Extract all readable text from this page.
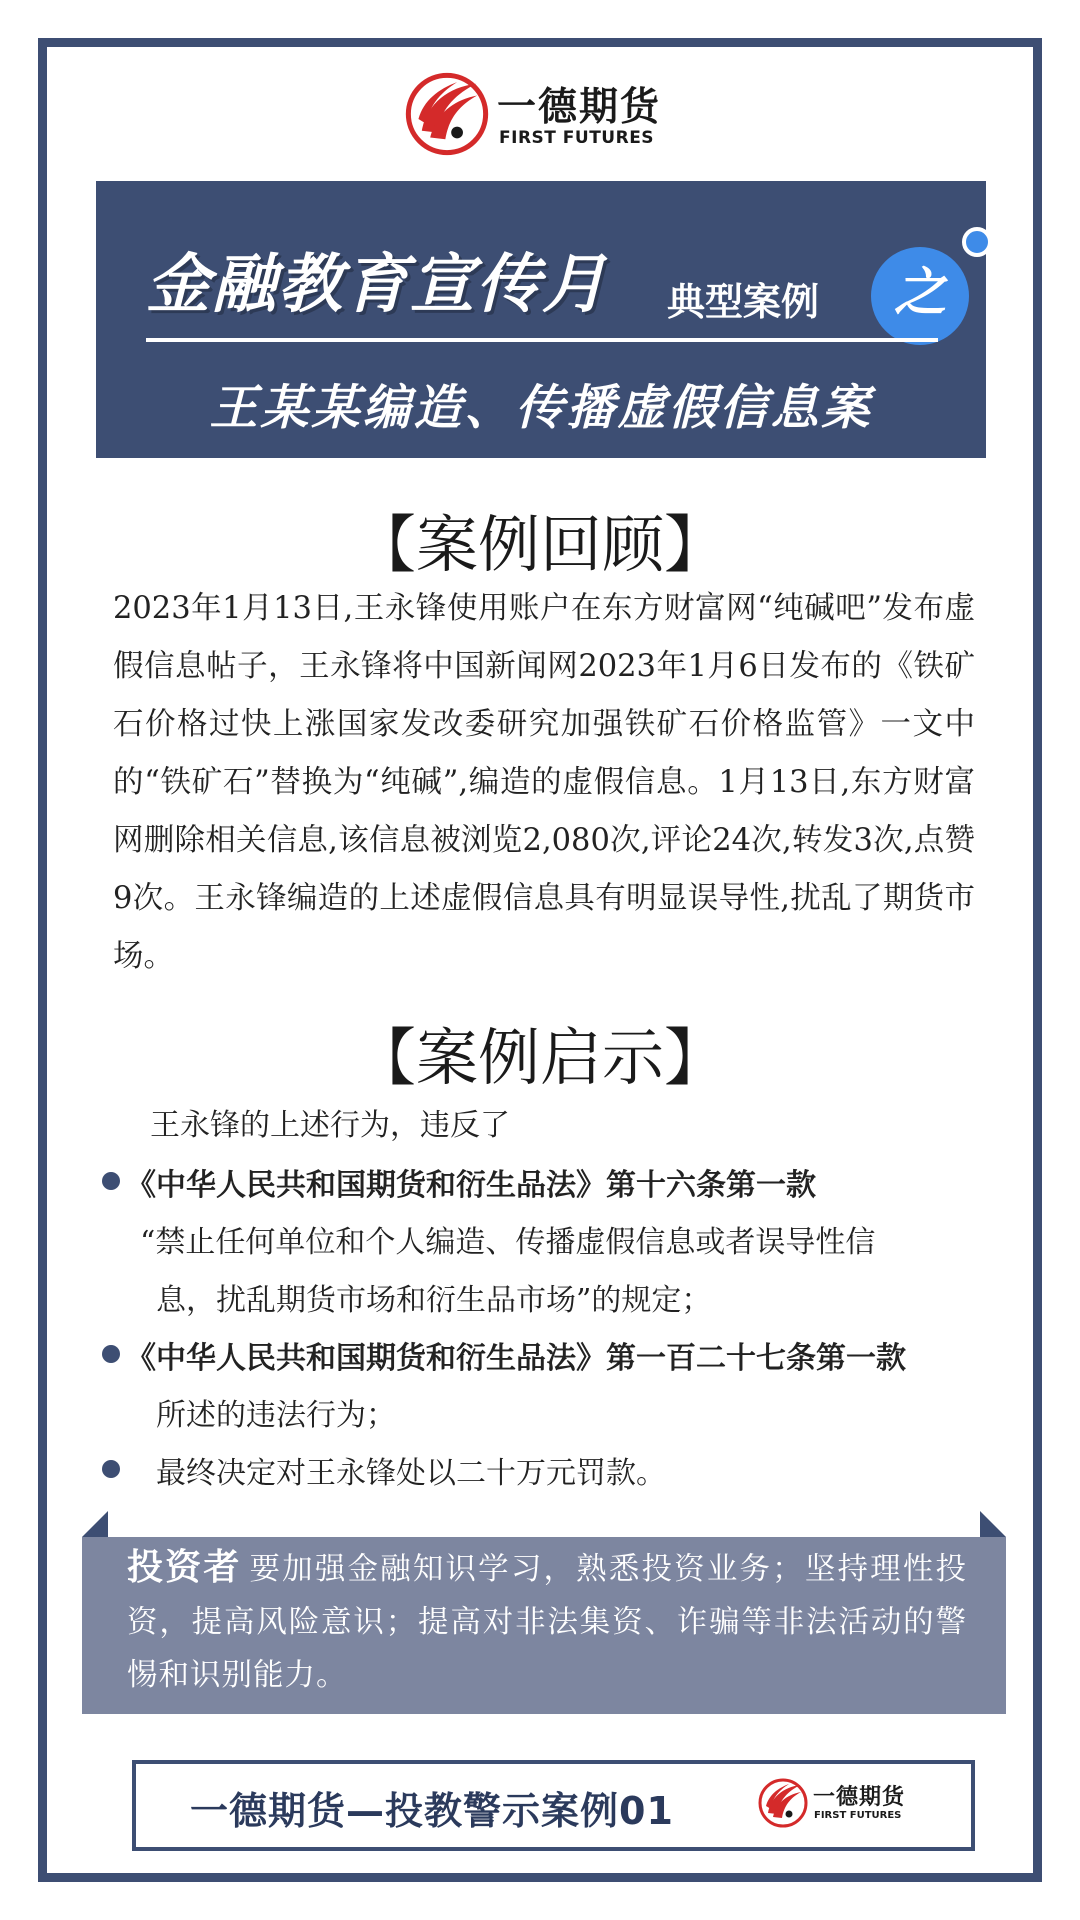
一德期货
FIRST FUTURES
金融教育宣传月 典型案例	之
王某某编造、传播虚假信息案
【案例回顾】

2023年1月13日,王永锋使用账户在东方财富网“纯碱吧”发布虚假信息帖子，王永锋将中国新闻网2023年1月6日发布的《铁矿石价格过快上涨国家发改委研究加强铁矿石价格监管》一文中的“铁矿石”替换为“纯碱”,编造的虚假信息。1月13日,东方财富网删除相关信息,该信息被浏览2,080次,评论24次,转发3次,点赞9次。王永锋编造的上述虚假信息具有明显误导性,扰乱了期货市场。

【案例启示】
王永锋的上述行为，违反了
《中华人民共和国期货和衍生品法》第十六条第一款
“禁止任何单位和个人编造、传播虚假信息或者误导性信
息，扰乱期货市场和衍生品市场”的规定；
《中华人民共和国期货和衍生品法》第一百二十七条第一款
所述的违法行为；
最终决定对王永锋处以二十万元罚款。

投资者 要加强金融知识学习，熟悉投资业务；坚持理性投资，提高风险意识；提高对非法集资、诈骗等非法活动的警惕和识别能力。

一德期货—投教警示案例01	一德期货
FIRST FUTURES
